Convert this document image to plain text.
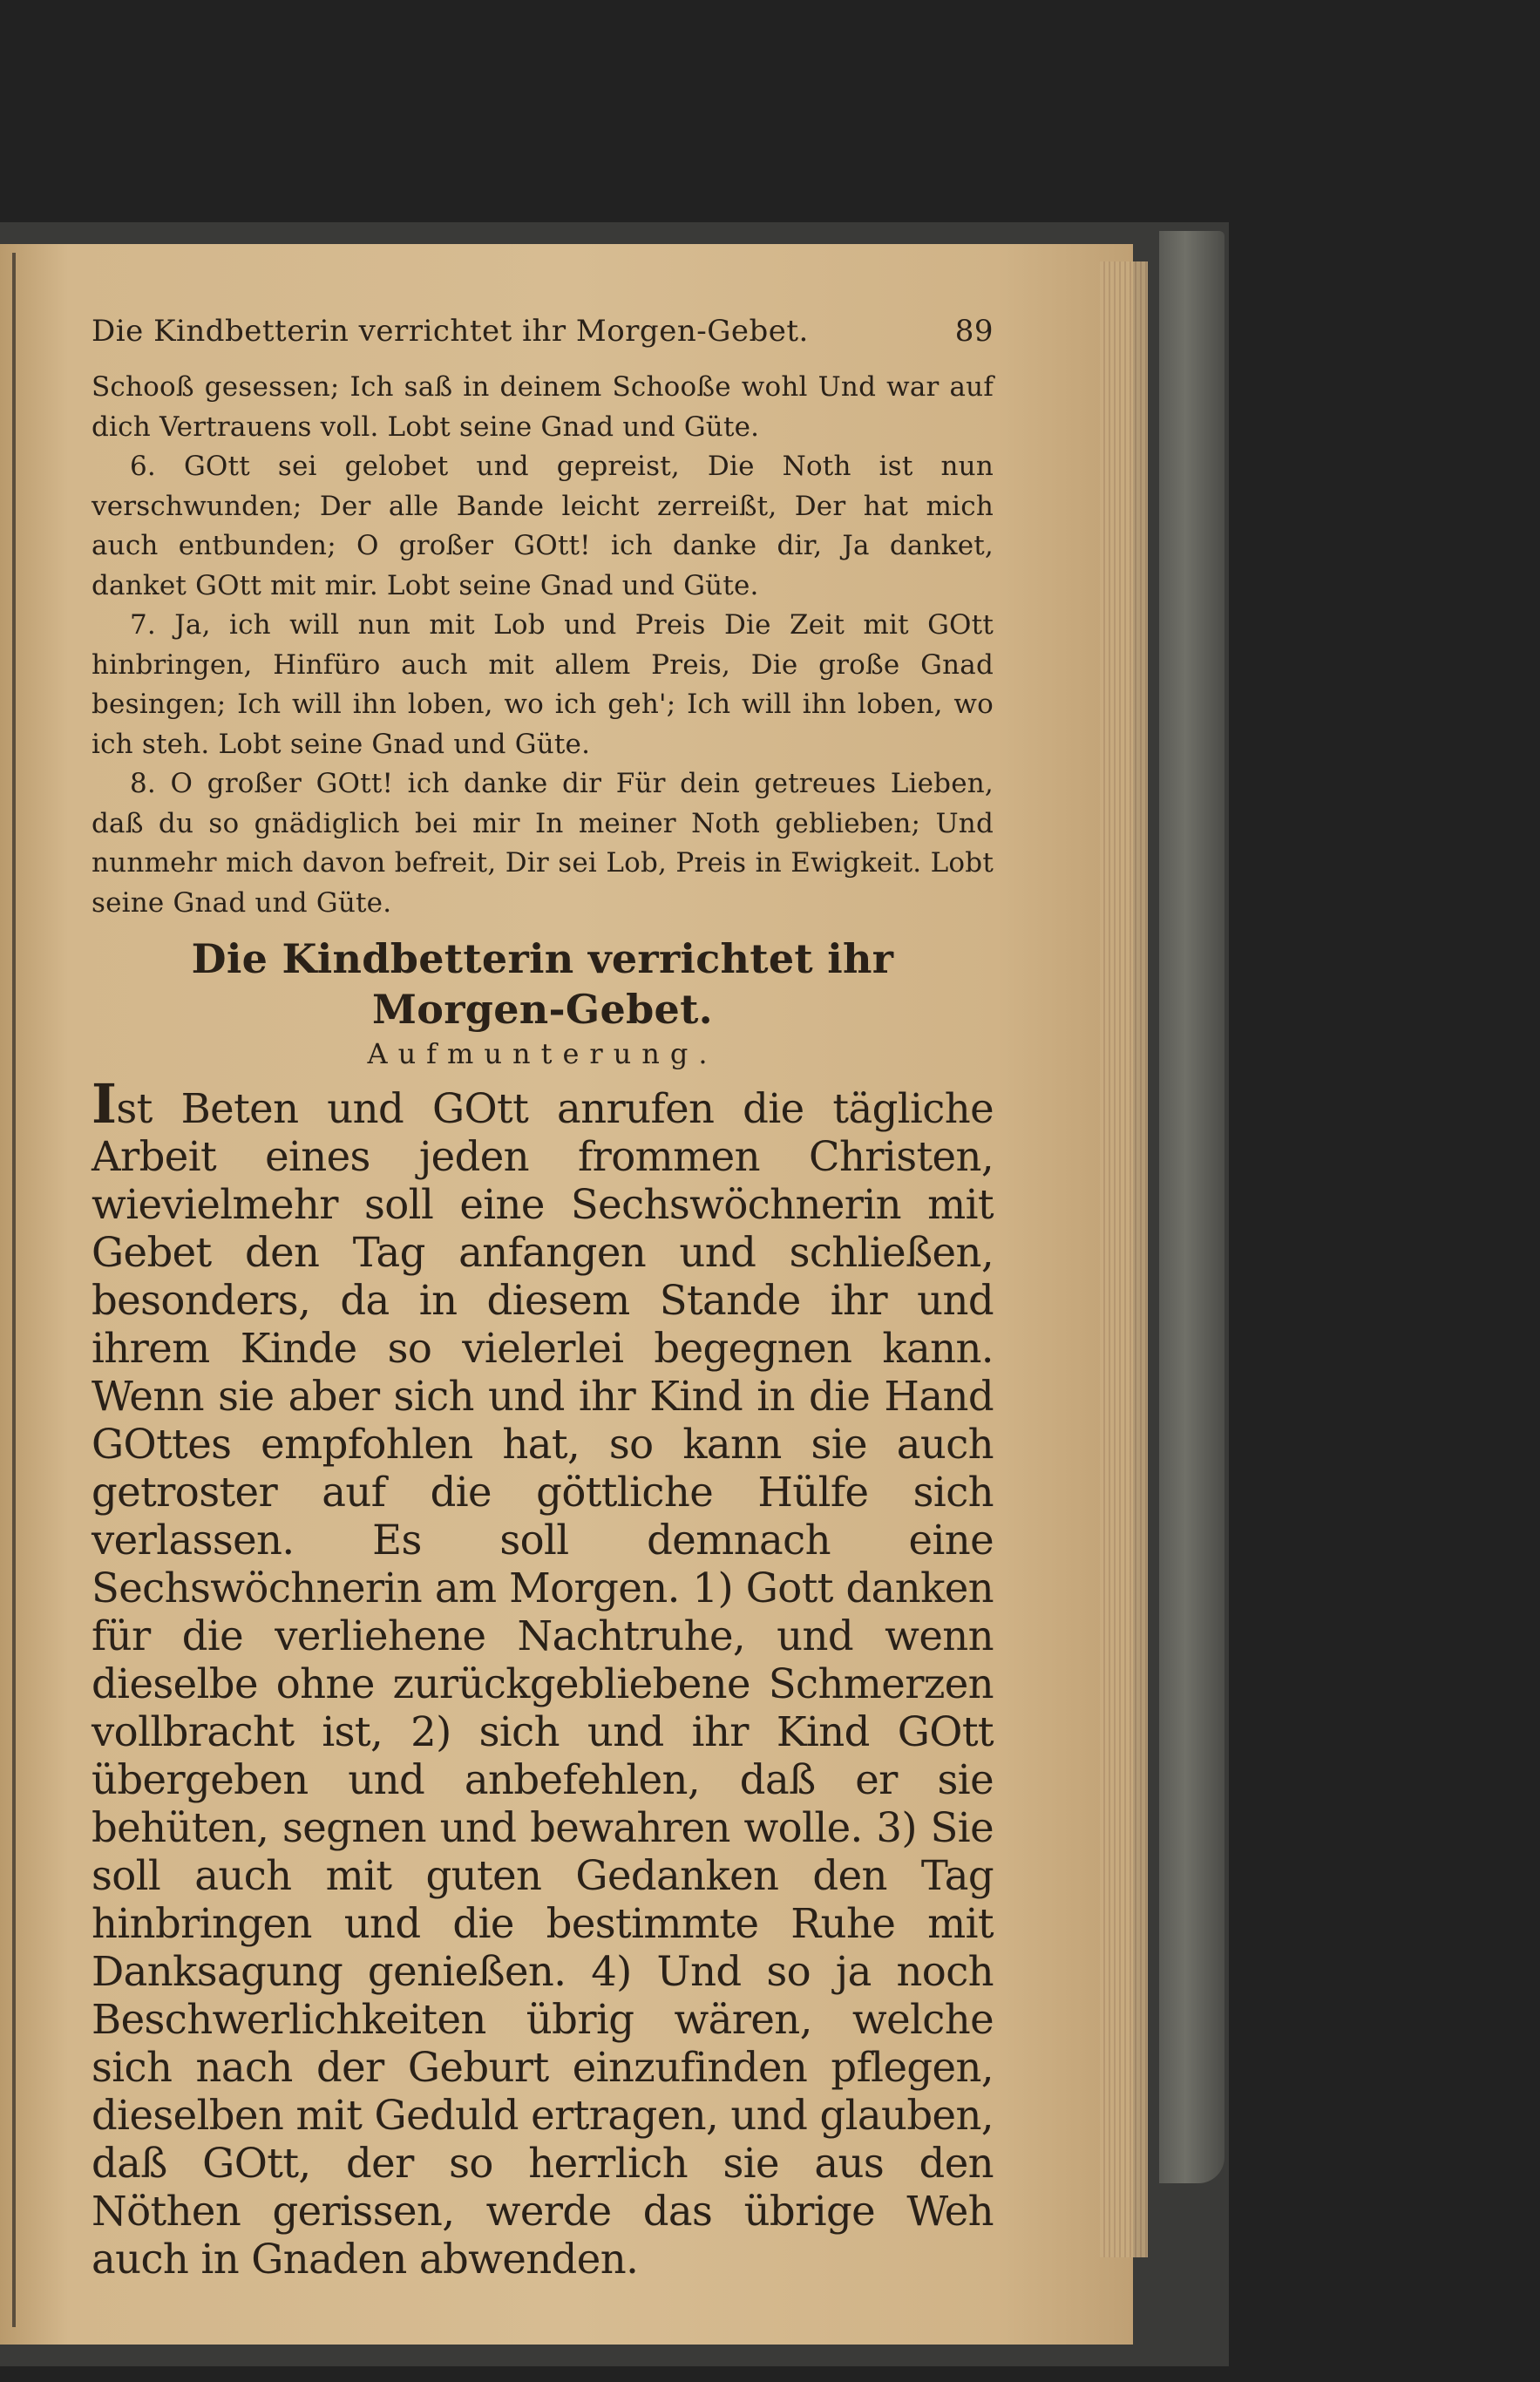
Die Kindbetterin verrichtet ihr Morgen-Gebet.	89

Schooß gesessen; Ich saß in deinem Schooße wohl Und war auf dich Vertrauens voll. Lobt seine Gnad und Güte.

6. GOtt sei gelobet und gepreist, Die Noth ist nun verschwunden; Der alle Bande leicht zerreißt, Der hat mich auch entbunden; O großer GOtt! ich danke dir, Ja danket, danket GOtt mit mir. Lobt seine Gnad und Güte.

7. Ja, ich will nun mit Lob und Preis Die Zeit mit GOtt hinbringen, Hinfüro auch mit allem Preis, Die große Gnad besingen; Ich will ihn loben, wo ich geh'; Ich will ihn loben, wo ich steh. Lobt seine Gnad und Güte.

8. O großer GOtt! ich danke dir Für dein getreues Lieben, daß du so gnädiglich bei mir In meiner Noth geblieben; Und nunmehr mich davon befreit, Dir sei Lob, Preis in Ewigkeit. Lobt seine Gnad und Güte.

Die Kindbetterin verrichtet ihr Morgen-Gebet.
Aufmunterung.

Ist Beten und GOtt anrufen die tägliche Arbeit eines jeden frommen Christen, wievielmehr soll eine Sechswöchnerin mit Gebet den Tag anfangen und schließen, besonders, da in diesem Stande ihr und ihrem Kinde so vielerlei begegnen kann. Wenn sie aber sich und ihr Kind in die Hand GOttes empfohlen hat, so kann sie auch getroster auf die göttliche Hülfe sich verlassen. Es soll demnach eine Sechswöchnerin am Morgen. 1) Gott danken für die verliehene Nachtruhe, und wenn dieselbe ohne zurückgebliebene Schmerzen vollbracht ist, 2) sich und ihr Kind GOtt übergeben und anbefehlen, daß er sie behüten, segnen und bewahren wolle. 3) Sie soll auch mit guten Gedanken den Tag hinbringen und die bestimmte Ruhe mit Danksagung genießen. 4) Und so ja noch Beschwerlichkeiten übrig wären, welche sich nach der Geburt einzufinden pflegen, dieselben mit Geduld ertragen, und glauben, daß GOtt, der so herrlich sie aus den Nöthen gerissen, werde das übrige Weh auch in Gnaden abwenden.
